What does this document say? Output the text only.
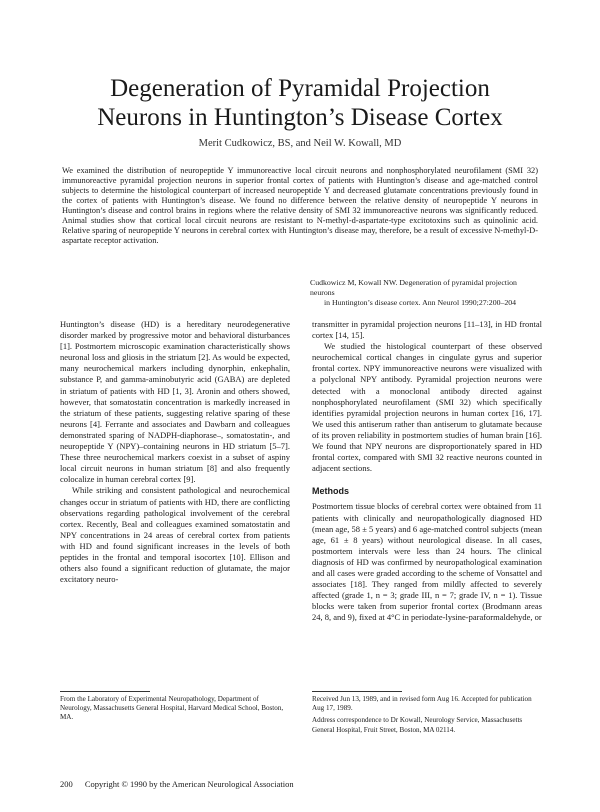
Degeneration of Pyramidal Projection
Neurons in Huntington’s Disease Cortex
Merit Cudkowicz, BS, and Neil W. Kowall, MD

We examined the distribution of neuropeptide Y immunoreactive local circuit neurons and nonphosphorylated neurofilament (SMI 32) immunoreactive pyramidal projection neurons in superior frontal cortex of patients with Huntington’s disease and age-matched control subjects to determine the histological counterpart of increased neuropeptide Y and decreased glutamate concentrations previously found in the cortex of patients with Huntington’s disease. We found no difference between the relative density of neuropeptide Y neurons in Huntington’s disease and control brains in regions where the relative density of SMI 32 immunoreactive neurons was significantly reduced. Animal studies show that cortical local circuit neurons are resistant to N-methyl-d-aspartate-type excitotoxins such as quinolinic acid. Relative sparing of neuropeptide Y neurons in cerebral cortex with Huntington’s disease may, therefore, be a result of excessive N-methyl-D-aspartate receptor activation.

Cudkowicz M, Kowall NW. Degeneration of pyramidal projection neurons
in Huntington’s disease cortex. Ann Neurol 1990;27:200–204

Huntington’s disease (HD) is a hereditary neurodegenerative disorder marked by progressive motor and behavioral disturbances [1]. Postmortem microscopic examination characteristically shows neuronal loss and gliosis in the striatum [2]. As would be expected, many neurochemical markers including dynorphin, enkephalin, substance P, and gamma-aminobutyric acid (GABA) are depleted in striatum of patients with HD [1, 3]. Aronin and others showed, however, that somatostatin concentration is markedly increased in the striatum of these patients, suggesting relative sparing of these neurons [4]. Ferrante and associates and Dawbarn and colleagues demonstrated sparing of NADPH-diaphorase–, somatostatin-, and neuropeptide Y (NPY)–containing neurons in HD striatum [5–7]. These three neurochemical markers coexist in a subset of aspiny local circuit neurons in human striatum [8] and also frequently colocalize in human cerebral cortex [9].

While striking and consistent pathological and neurochemical changes occur in striatum of patients with HD, there are conflicting observations regarding pathological involvement of the cerebral cortex. Recently, Beal and colleagues examined somatostatin and NPY concentrations in 24 areas of cerebral cortex from patients with HD and found significant increases in the levels of both peptides in the frontal and temporal isocortex [10]. Ellison and others also found a significant reduction of glutamate, the major excitatory neuro-

transmitter in pyramidal projection neurons [11–13], in HD frontal cortex [14, 15].

We studied the histological counterpart of these observed neurochemical cortical changes in cingulate gyrus and superior frontal cortex. NPY immunoreactive neurons were visualized with a polyclonal NPY antibody. Pyramidal projection neurons were detected with a monoclonal antibody directed against nonphosphorylated neurofilament (SMI 32) which specifically identifies pyramidal projection neurons in human cortex [16, 17]. We used this antiserum rather than antiserum to glutamate because of its proven reliability in postmortem studies of human brain [16]. We found that NPY neurons are disproportionately spared in HD frontal cortex, compared with SMI 32 reactive neurons counted in adjacent sections.

Methods

Postmortem tissue blocks of cerebral cortex were obtained from 11 patients with clinically and neuropathologically diagnosed HD (mean age, 58 ± 5 years) and 6 age-matched control subjects (mean age, 61 ± 8 years) without neurological disease. In all cases, postmortem intervals were less than 24 hours. The clinical diagnosis of HD was confirmed by neuropathological examination and all cases were graded according to the scheme of Vonsattel and associates [18]. They ranged from mildly affected to severely affected (grade 1, n = 3; grade III, n = 7; grade IV, n = 1). Tissue blocks were taken from superior frontal cortex (Brodmann areas 24, 8, and 9), fixed at 4°C in periodate-lysine-paraformaldehyde, or

From the Laboratory of Experimental Neuropathology, Department of Neurology, Massachusetts General Hospital, Harvard Medical School, Boston, MA.

Received Jun 13, 1989, and in revised form Aug 16. Accepted for publication Aug 17, 1989.

Address correspondence to Dr Kowall, Neurology Service, Massachusetts General Hospital, Fruit Street, Boston, MA 02114.

200 Copyright © 1990 by the American Neurological Association
